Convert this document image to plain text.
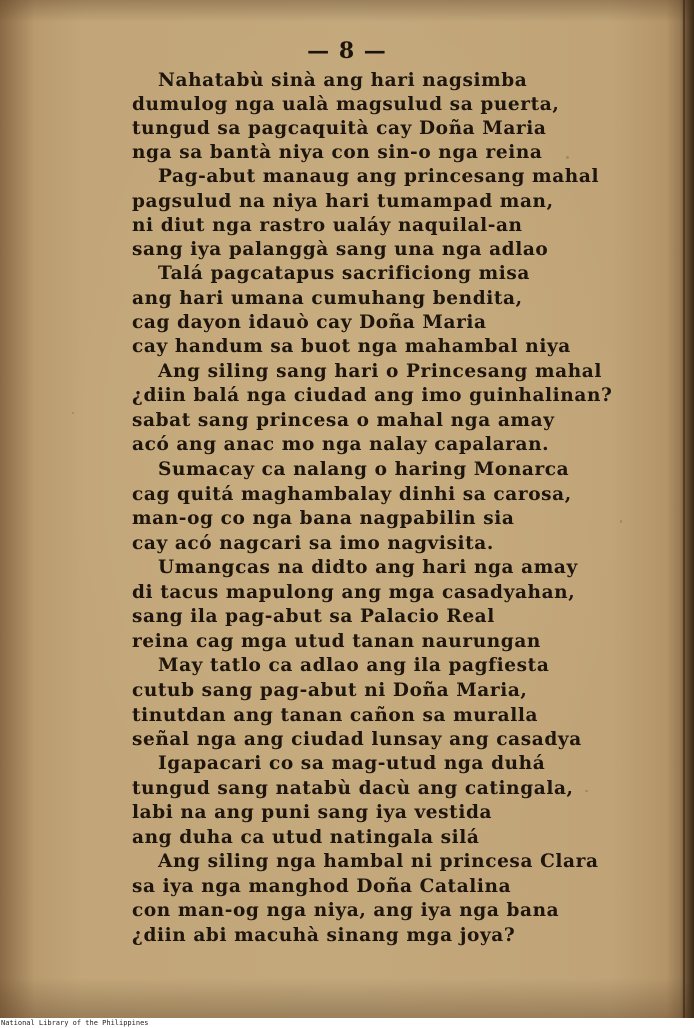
— 8 —
Nahatabù sinà ang hari nagsimba
dumulog nga ualà magsulud sa puerta,
tungud sa pagcaquità cay Doña Maria
nga sa bantà niya con sin-o nga reina
Pag-abut manaug ang princesang mahal
pagsulud na niya hari tumampad man,
ni diut nga rastro ualáy naquilal-an
sang iya palanggà sang una nga adlao
Talá pagcatapus sacrificiong misa
ang hari umana cumuhang bendita,
cag dayon idauò cay Doña Maria
cay handum sa buot nga mahambal niya
Ang siling sang hari o Princesang mahal
¿diin balá nga ciudad ang imo guinhalinan?
sabat sang princesa o mahal nga amay
acó ang anac mo nga nalay capalaran.
Sumacay ca nalang o haring Monarca
cag quitá maghambalay dinhi sa carosa,
man-og co nga bana nagpabilin sia
cay acó nagcari sa imo nagvisita.
Umangcas na didto ang hari nga amay
di tacus mapulong ang mga casadyahan,
sang ila pag-abut sa Palacio Real
reina cag mga utud tanan naurungan
May tatlo ca adlao ang ila pagfiesta
cutub sang pag-abut ni Doña Maria,
tinutdan ang tanan cañon sa muralla
señal nga ang ciudad lunsay ang casadya
Igapacari co sa mag-utud nga duhá
tungud sang natabù dacù ang catingala,
labi na ang puni sang iya vestida
ang duha ca utud natingala silá
Ang siling nga hambal ni princesa Clara
sa iya nga manghod Doña Catalina
con man-og nga niya, ang iya nga bana
¿diin abi macuhà sinang mga joya?
National Library of the Philippines
